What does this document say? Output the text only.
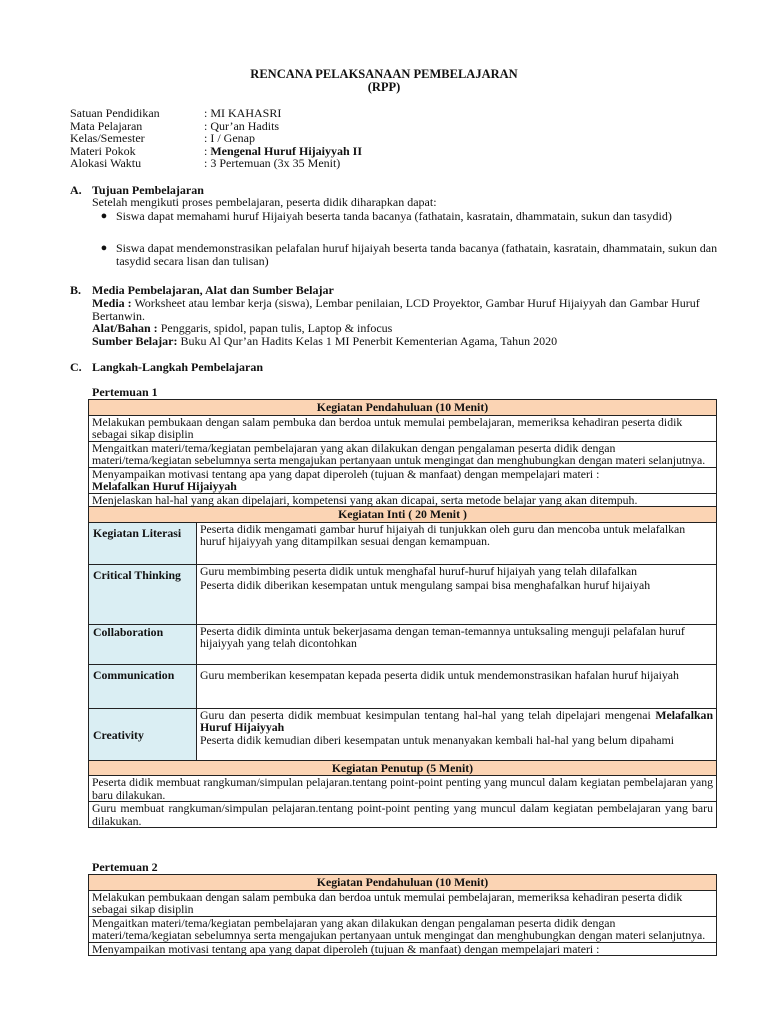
RENCANA PELAKSANAAN PEMBELAJARAN
(RPP)
Satuan Pendidikan	: MI KAHASRI
Mata Pelajaran	: Qur’an Hadits
Kelas/Semester	: I / Genap
Materi Pokok	: Mengenal Huruf Hijaiyyah II
Alokasi Waktu	: 3 Pertemuan (3x 35 Menit)
A. Tujuan Pembelajaran
Setelah mengikuti proses pembelajaran, peserta didik diharapkan dapat:
● Siswa dapat memahami huruf Hijaiyah beserta tanda bacanya (fathatain, kasratain, dhammatain, sukun dan tasydid)
● Siswa dapat mendemonstrasikan pelafalan huruf hijaiyah beserta tanda bacanya (fathatain, kasratain, dhammatain, sukun dan tasydid secara lisan dan tulisan)
B. Media Pembelajaran, Alat dan Sumber Belajar
Media : Worksheet atau lembar kerja (siswa), Lembar penilaian, LCD Proyektor, Gambar Huruf Hijaiyyah dan Gambar Huruf Bertanwin.
Alat/Bahan : Penggaris, spidol, papan tulis, Laptop & infocus
Sumber Belajar: Buku Al Qur’an Hadits Kelas 1 MI Penerbit Kementerian Agama, Tahun 2020
C. Langkah-Langkah Pembelajaran
Pertemuan 1
Kegiatan Pendahuluan (10 Menit)	
Melakukan pembukaan dengan salam pembuka dan berdoa untuk memulai pembelajaran, memeriksa kehadiran peserta didik sebagai sikap disiplin	
Mengaitkan materi/tema/kegiatan pembelajaran yang akan dilakukan dengan pengalaman peserta didik dengan materi/tema/kegiatan sebelumnya serta mengajukan pertanyaan untuk mengingat dan menghubungkan dengan materi selanjutnya.	

Menyampaikan motivasi tentang apa yang dapat diperoleh (tujuan & manfaat) dengan mempelajari materi :
Melafalkan Huruf Hijaiyyah	

Menjelaskan hal-hal yang akan dipelajari, kompetensi yang akan dicapai, serta metode belajar yang akan ditempuh.	
Kegiatan Inti ( 20 Menit )	
Kegiatan Literasi	Peserta didik mengamati gambar huruf hijaiyah di tunjukkan oleh guru dan mencoba untuk melafalkan huruf hijaiyyah yang ditampilkan sesuai dengan kemampuan.
Critical Thinking	Guru membimbing peserta didik untuk menghafal huruf-huruf hijaiyah yang telah dilafalkan
Peserta didik diberikan kesempatan untuk mengulang sampai bisa menghafalkan huruf hijaiyah

Collaboration	Peserta didik diminta untuk bekerjasama dengan teman-temannya untuksaling menguji pelafalan huruf hijaiyyah yang telah dicontohkan
Communication	Guru memberikan kesempatan kepada peserta didik untuk mendemonstrasikan hafalan huruf hijaiyah
Creativity	Guru dan peserta didik membuat kesimpulan tentang hal-hal yang telah dipelajari mengenai Melafalkan Huruf Hijaiyyah
Peserta didik kemudian diberi kesempatan untuk menanyakan kembali hal-hal yang belum dipahami

Kegiatan Penutup (5 Menit)	
Peserta didik membuat rangkuman/simpulan pelajaran.tentang point-point penting yang muncul dalam kegiatan pembelajaran yang baru dilakukan.	
Guru membuat rangkuman/simpulan pelajaran.tentang point-point penting yang muncul dalam kegiatan pembelajaran yang baru dilakukan.	
Pertemuan 2
Kegiatan Pendahuluan (10 Menit)
Melakukan pembukaan dengan salam pembuka dan berdoa untuk memulai pembelajaran, memeriksa kehadiran peserta didik sebagai sikap disiplin
Mengaitkan materi/tema/kegiatan pembelajaran yang akan dilakukan dengan pengalaman peserta didik dengan materi/tema/kegiatan sebelumnya serta mengajukan pertanyaan untuk mengingat dan menghubungkan dengan materi selanjutnya.
Menyampaikan motivasi tentang apa yang dapat diperoleh (tujuan & manfaat) dengan mempelajari materi :
